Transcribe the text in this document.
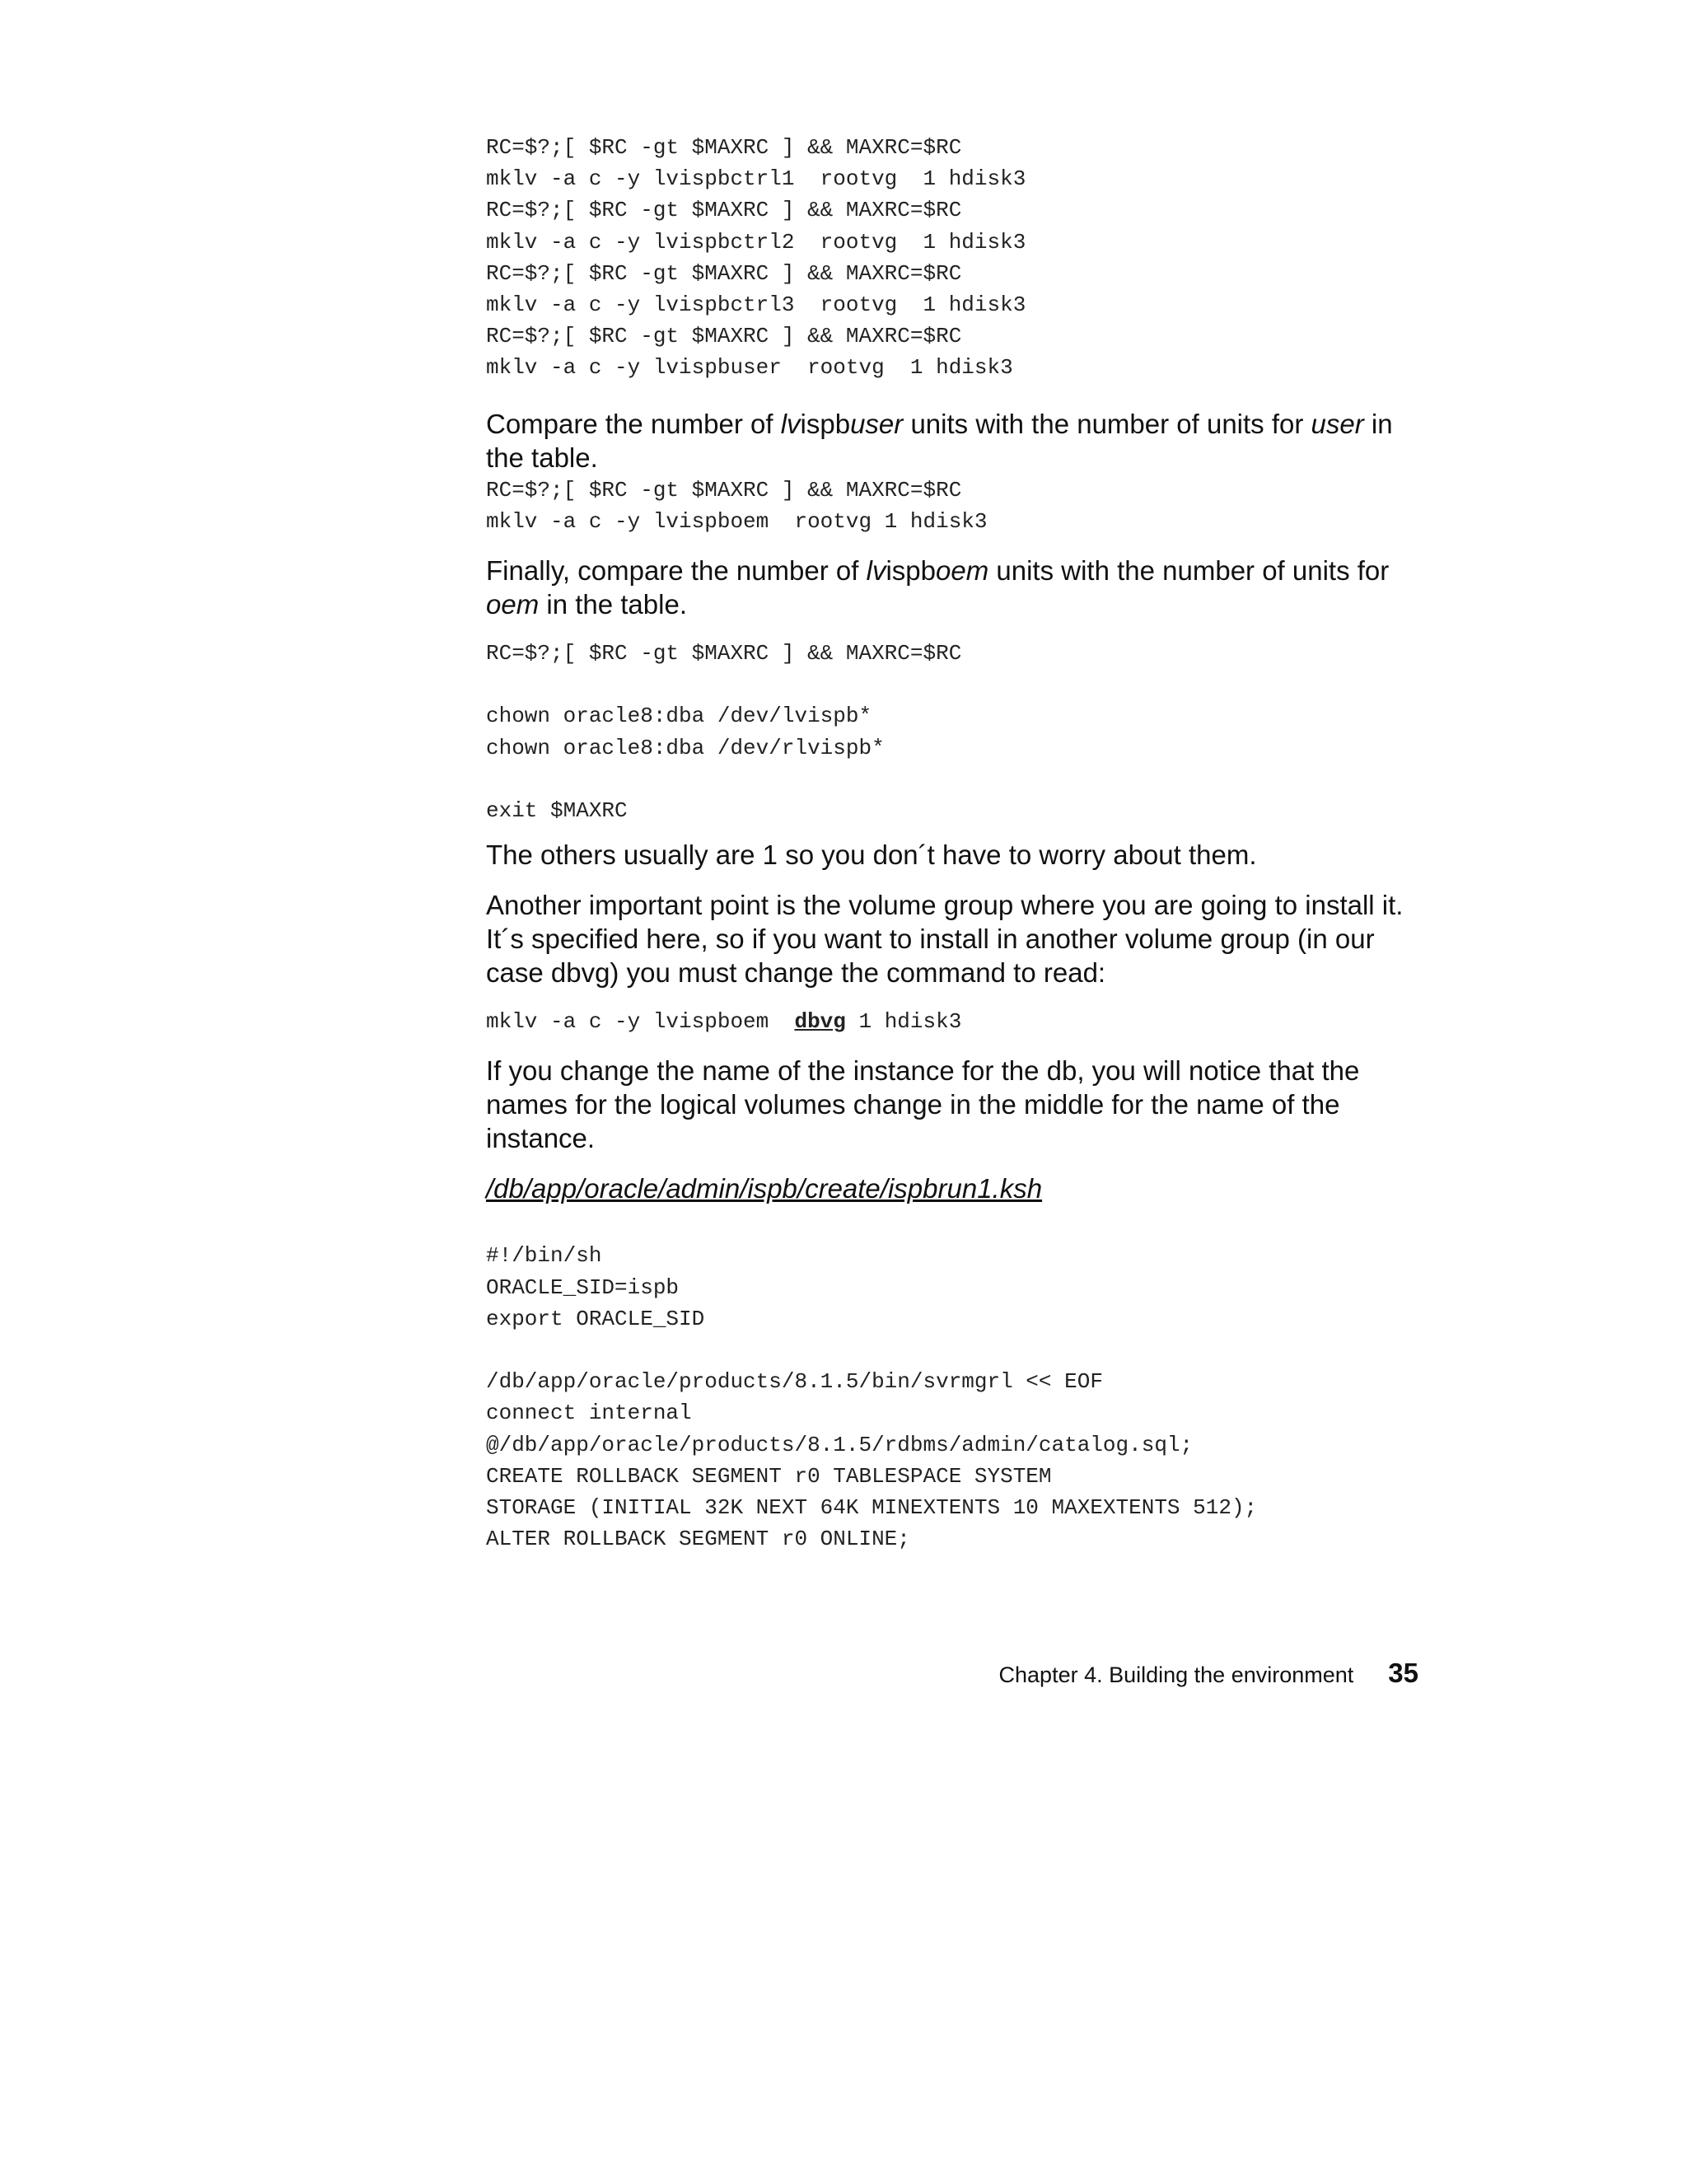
RC=$?;[ $RC -gt $MAXRC ] && MAXRC=$RC
mklv -a c -y lvispbctrl1  rootvg  1 hdisk3
RC=$?;[ $RC -gt $MAXRC ] && MAXRC=$RC
mklv -a c -y lvispbctrl2  rootvg  1 hdisk3
RC=$?;[ $RC -gt $MAXRC ] && MAXRC=$RC
mklv -a c -y lvispbctrl3  rootvg  1 hdisk3
RC=$?;[ $RC -gt $MAXRC ] && MAXRC=$RC
mklv -a c -y lvispbuser  rootvg  1 hdisk3

Compare the number of lvispbuser units with the number of units for user in the table.

RC=$?;[ $RC -gt $MAXRC ] && MAXRC=$RC
mklv -a c -y lvispboem  rootvg 1 hdisk3

Finally, compare the number of lvispboem units with the number of units for oem in the table.

RC=$?;[ $RC -gt $MAXRC ] && MAXRC=$RC
chown oracle8:dba /dev/lvispb*
chown oracle8:dba /dev/rlvispb*
exit $MAXRC

The others usually are 1 so you don´t have to worry about them.

Another important point is the volume group where you are going to install it. It´s specified here, so if you want to install in another volume group (in our case dbvg) you must change the command to read:

mklv -a c -y lvispboem  dbvg 1 hdisk3

If you change the name of the instance for the db, you will notice that the names for the logical volumes change in the middle for the name of the instance.

/db/app/oracle/admin/ispb/create/ispbrun1.ksh

#!/bin/sh
ORACLE_SID=ispb
export ORACLE_SID
/db/app/oracle/products/8.1.5/bin/svrmgrl << EOF
connect internal
@/db/app/oracle/products/8.1.5/rdbms/admin/catalog.sql;
CREATE ROLLBACK SEGMENT r0 TABLESPACE SYSTEM
STORAGE (INITIAL 32K NEXT 64K MINEXTENTS 10 MAXEXTENTS 512);
ALTER ROLLBACK SEGMENT r0 ONLINE;
Chapter 4. Building the environment 35
